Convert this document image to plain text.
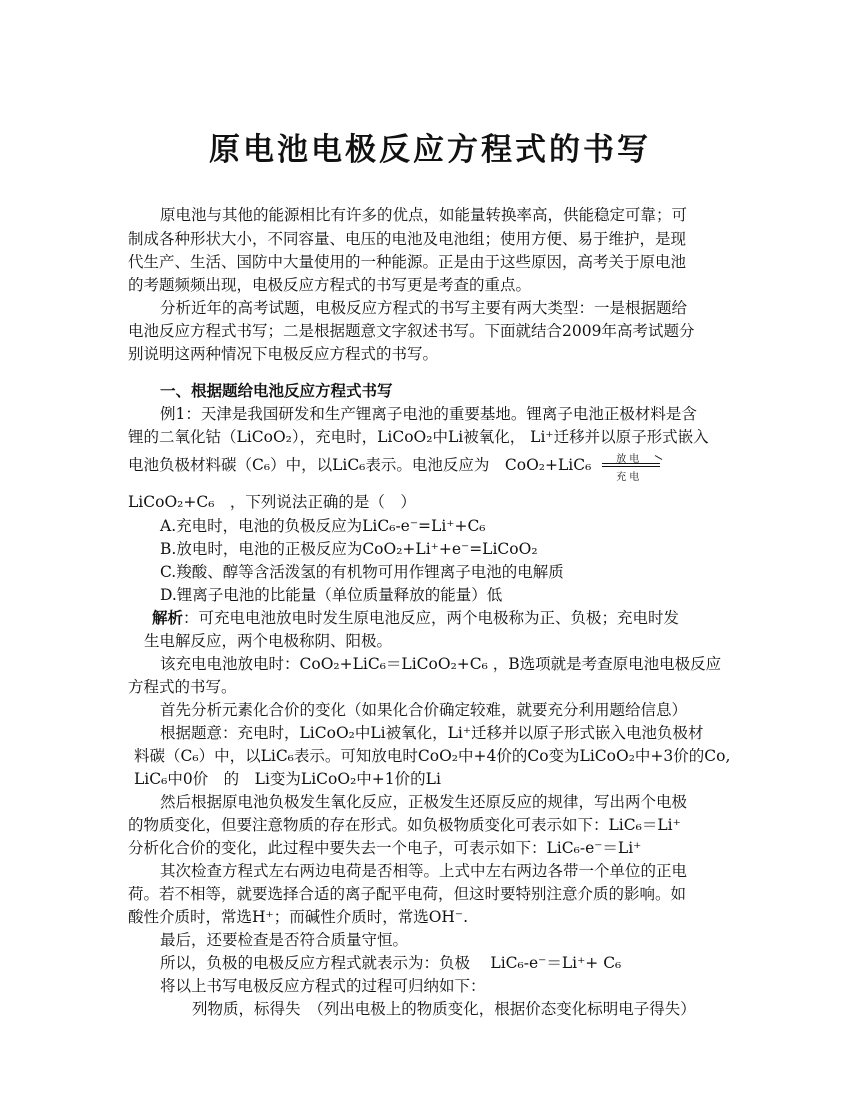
原电池电极反应方程式的书写
原电池与其他的能源相比有许多的优点，如能量转换率高，供能稳定可靠；可
制成各种形状大小，不同容量、电压的电池及电池组；使用方便、易于维护，是现
代生产、生活、国防中大量使用的一种能源。正是由于这些原因，高考关于原电池
的考题频频出现，电极反应方程式的书写更是考查的重点。
分析近年的高考试题，电极反应方程式的书写主要有两大类型：一是根据题给
电池反应方程式书写；二是根据题意文字叙述书写。下面就结合2009年高考试题分
别说明这两种情况下电极反应方程式的书写。
一、根据题给电池反应方程式书写
例1：天津是我国研发和生产锂离子电池的重要基地。锂离子电池正极材料是含
锂的二氧化钴（LiCoO₂），充电时，LiCoO₂中Li被氧化， Li⁺迁移并以原子形式嵌入
电池负极材料碳（C₆）中，以LiC₆表示。电池反应为　CoO₂+LiC₆ 放电
充电
LiCoO₂+C₆　，下列说法正确的是（　）
A.充电时，电池的负极反应为LiC₆-e⁻=Li⁺+C₆
B.放电时，电池的正极反应为CoO₂+Li⁺+e⁻=LiCoO₂
C.羧酸、醇等含活泼氢的有机物可用作锂离子电池的电解质
D.锂离子电池的比能量（单位质量释放的能量）低
解析：可充电电池放电时发生原电池反应，两个电极称为正、负极；充电时发
生电解反应，两个电极称阴、阳极。
该充电电池放电时：CoO₂+LiC₆＝LiCoO₂+C₆ ，B选项就是考查原电池电极反应
方程式的书写。
首先分析元素化合价的变化（如果化合价确定较难，就要充分利用题给信息）
根据题意：充电时，LiCoO₂中Li被氧化，Li⁺迁移并以原子形式嵌入电池负极材
料碳（C₆）中，以LiC₆表示。可知放电时CoO₂中+4价的Co变为LiCoO₂中+3价的Co,
LiC₆中0价　的　Li变为LiCoO₂中+1价的Li
然后根据原电池负极发生氧化反应，正极发生还原反应的规律，写出两个电极
的物质变化，但要注意物质的存在形式。如负极物质变化可表示如下：LiC₆＝Li⁺
分析化合价的变化，此过程中要失去一个电子，可表示如下：LiC₆-e⁻＝Li⁺
其次检查方程式左右两边电荷是否相等。上式中左右两边各带一个单位的正电
荷。若不相等，就要选择合适的离子配平电荷，但这时要特别注意介质的影响。如
酸性介质时，常选H⁺；而碱性介质时，常选OH⁻.
最后，还要检查是否符合质量守恒。
所以，负极的电极反应方程式就表示为：负极　 LiC₆-e⁻＝Li⁺+ C₆
将以上书写电极反应方程式的过程可归纳如下：
列物质，标得失　（列出电极上的物质变化，根据价态变化标明电子得失）
